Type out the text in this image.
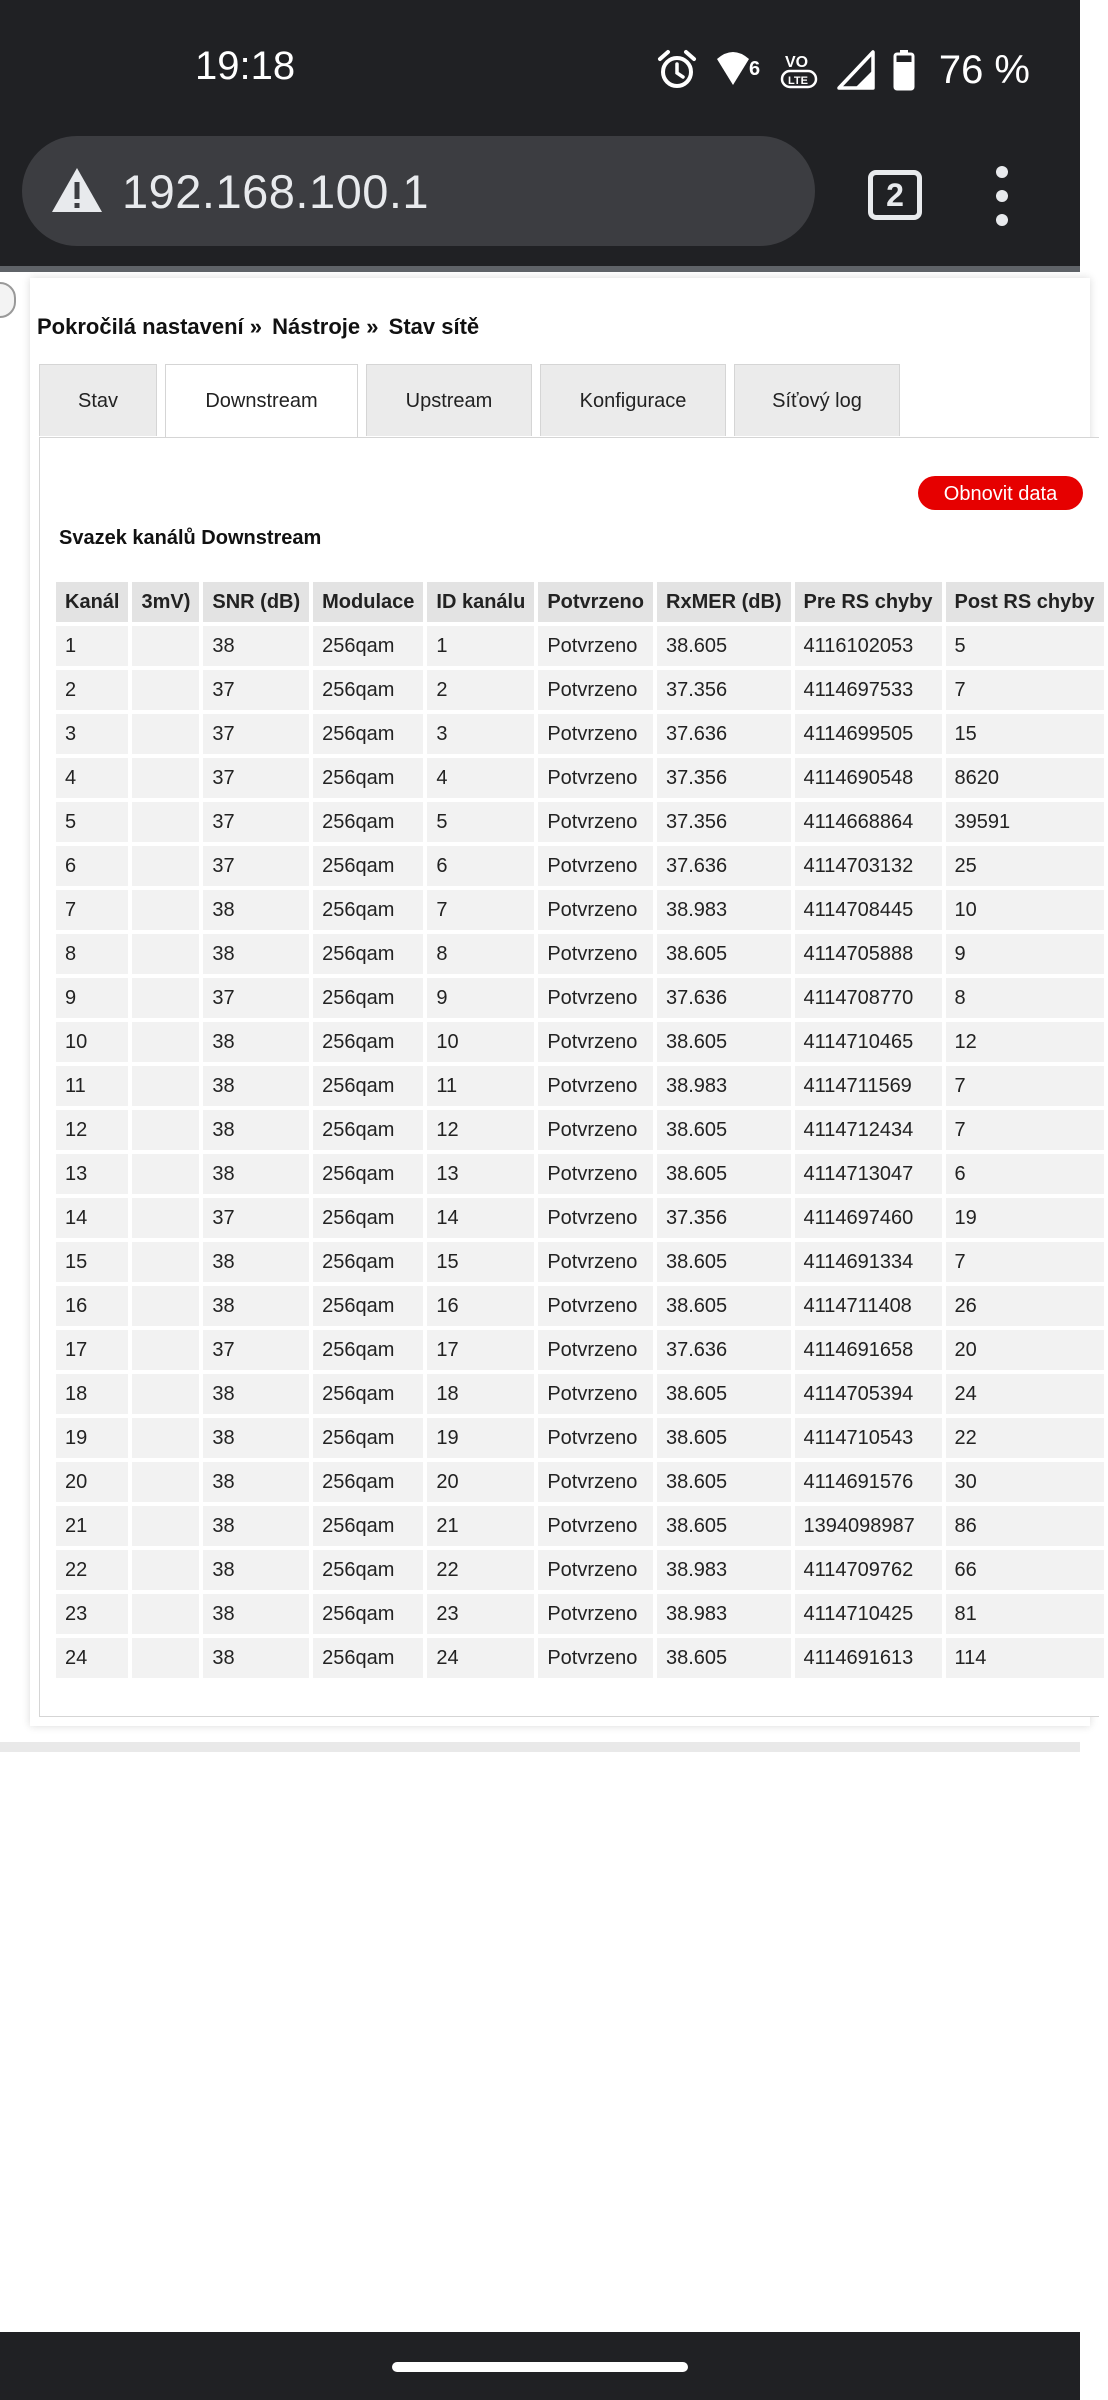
19:18	6 VO
LTE	76 %
192.168.100.1	2
Pokročilá nastavení » Nástroje » Stav sítě
Stav	Downstream	Upstream	Konfigurace	Síťový log
Obnovit data
Svazek kanálů Downstream
Kanál	3mV)	SNR (dB)	Modulace	ID kanálu	Potvrzeno	RxMER (dB)	Pre RS chyby	Post RS chyby
1		38	256qam	1	Potvrzeno	38.605	4116102053	5
2		37	256qam	2	Potvrzeno	37.356	4114697533	7
3		37	256qam	3	Potvrzeno	37.636	4114699505	15
4		37	256qam	4	Potvrzeno	37.356	4114690548	8620
5		37	256qam	5	Potvrzeno	37.356	4114668864	39591
6		37	256qam	6	Potvrzeno	37.636	4114703132	25
7		38	256qam	7	Potvrzeno	38.983	4114708445	10
8		38	256qam	8	Potvrzeno	38.605	4114705888	9
9		37	256qam	9	Potvrzeno	37.636	4114708770	8
10		38	256qam	10	Potvrzeno	38.605	4114710465	12
11		38	256qam	11	Potvrzeno	38.983	4114711569	7
12		38	256qam	12	Potvrzeno	38.605	4114712434	7
13		38	256qam	13	Potvrzeno	38.605	4114713047	6
14		37	256qam	14	Potvrzeno	37.356	4114697460	19
15		38	256qam	15	Potvrzeno	38.605	4114691334	7
16		38	256qam	16	Potvrzeno	38.605	4114711408	26
17		37	256qam	17	Potvrzeno	37.636	4114691658	20
18		38	256qam	18	Potvrzeno	38.605	4114705394	24
19		38	256qam	19	Potvrzeno	38.605	4114710543	22
20		38	256qam	20	Potvrzeno	38.605	4114691576	30
21		38	256qam	21	Potvrzeno	38.605	1394098987	86
22		38	256qam	22	Potvrzeno	38.983	4114709762	66
23		38	256qam	23	Potvrzeno	38.983	4114710425	81
24		38	256qam	24	Potvrzeno	38.605	4114691613	114
